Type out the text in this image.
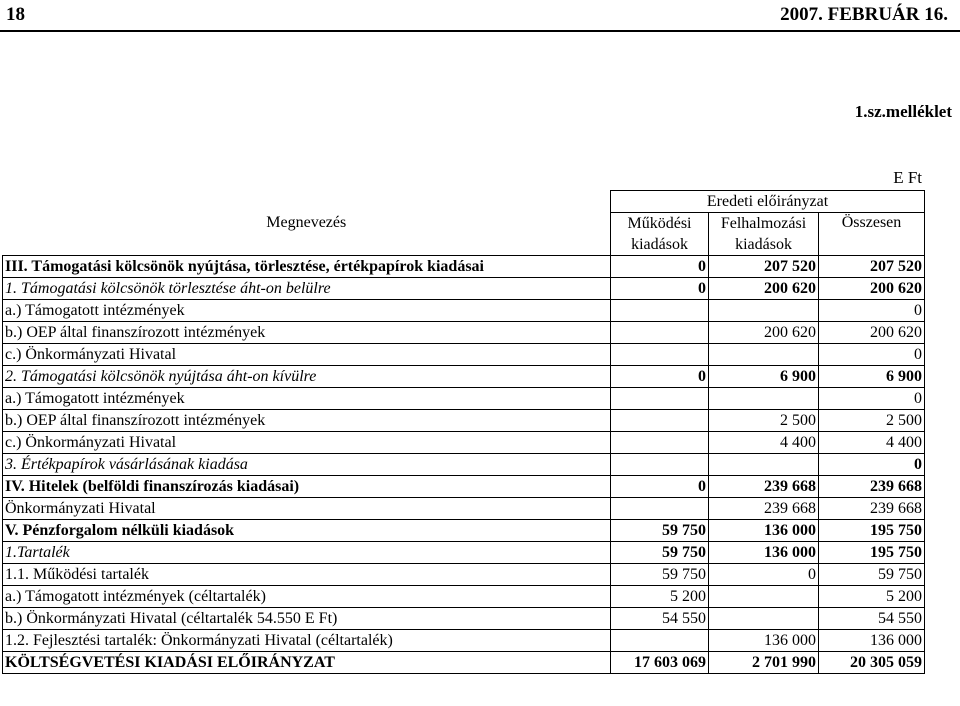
18	2007. FEBRUÁR 16.
1.sz.melléklet
E Ft
Megnevezés	Eredeti előirányzat		
	Működési	Felhalmozási	Összesen
	kiadások	kiadások	
III. Támogatási kölcsönök nyújtása, törlesztése, értékpapírok kiadásai	0	207 520	207 520
1. Támogatási kölcsönök törlesztése áht-on belülre	0	200 620	200 620
a.) Támogatott intézmények			0
b.) OEP által finanszírozott intézmények		200 620	200 620
c.) Önkormányzati Hivatal			0
2. Támogatási kölcsönök nyújtása áht-on kívülre	0	6 900	6 900
a.) Támogatott intézmények			0
b.) OEP által finanszírozott intézmények		2 500	2 500
c.) Önkormányzati Hivatal		4 400	4 400
3. Értékpapírok vásárlásának kiadása			0
IV. Hitelek (belföldi finanszírozás kiadásai)	0	239 668	239 668
Önkormányzati Hivatal		239 668	239 668
V. Pénzforgalom nélküli kiadások	59 750	136 000	195 750
1.Tartalék	59 750	136 000	195 750
1.1. Működési tartalék	59 750	0	59 750
a.) Támogatott intézmények (céltartalék)	5 200		5 200
b.) Önkormányzati Hivatal (céltartalék 54.550 E Ft)	54 550		54 550
1.2. Fejlesztési tartalék: Önkormányzati Hivatal (céltartalék)		136 000	136 000
KÖLTSÉGVETÉSI KIADÁSI ELŐIRÁNYZAT	17 603 069	2 701 990	20 305 059
